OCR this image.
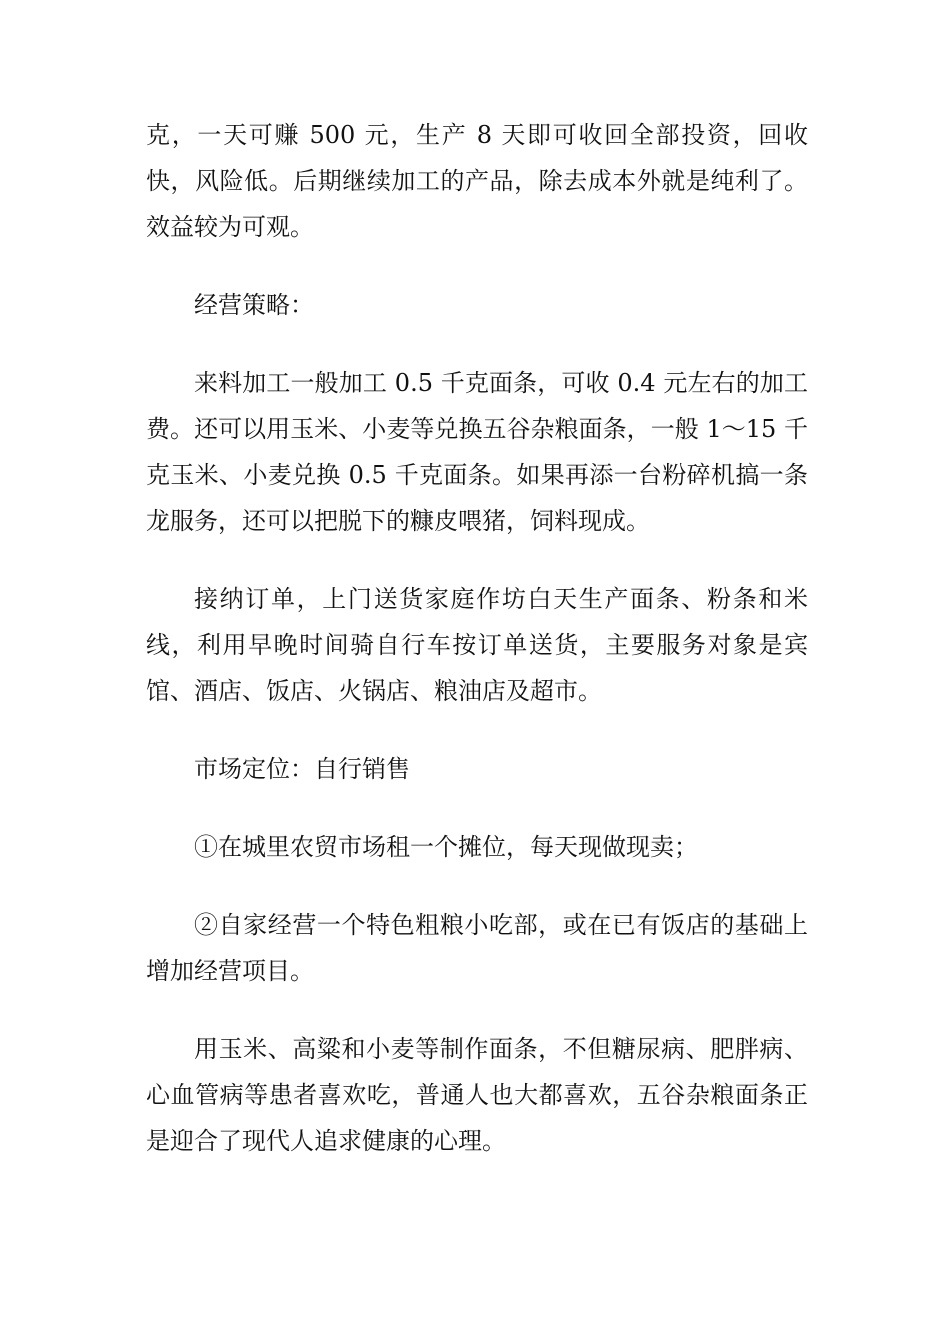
克，一天可赚 500 元，生产 8 天即可收回全部投资，回收快，风险低。后期继续加工的产品，除去成本外就是纯利了。效益较为可观。

经营策略：

来料加工一般加工 0.5 千克面条，可收 0.4 元左右的加工费。还可以用玉米、小麦等兑换五谷杂粮面条，一般 1～15 千克玉米、小麦兑换 0.5 千克面条。如果再添一台粉碎机搞一条龙服务，还可以把脱下的糠皮喂猪，饲料现成。

接纳订单，上门送货家庭作坊白天生产面条、粉条和米线，利用早晚时间骑自行车按订单送货，主要服务对象是宾馆、酒店、饭店、火锅店、粮油店及超市。

市场定位：自行销售

①在城里农贸市场租一个摊位，每天现做现卖；

②自家经营一个特色粗粮小吃部，或在已有饭店的基础上增加经营项目。

用玉米、高粱和小麦等制作面条，不但糖尿病、肥胖病、心血管病等患者喜欢吃，普通人也大都喜欢，五谷杂粮面条正是迎合了现代人追求健康的心理。
